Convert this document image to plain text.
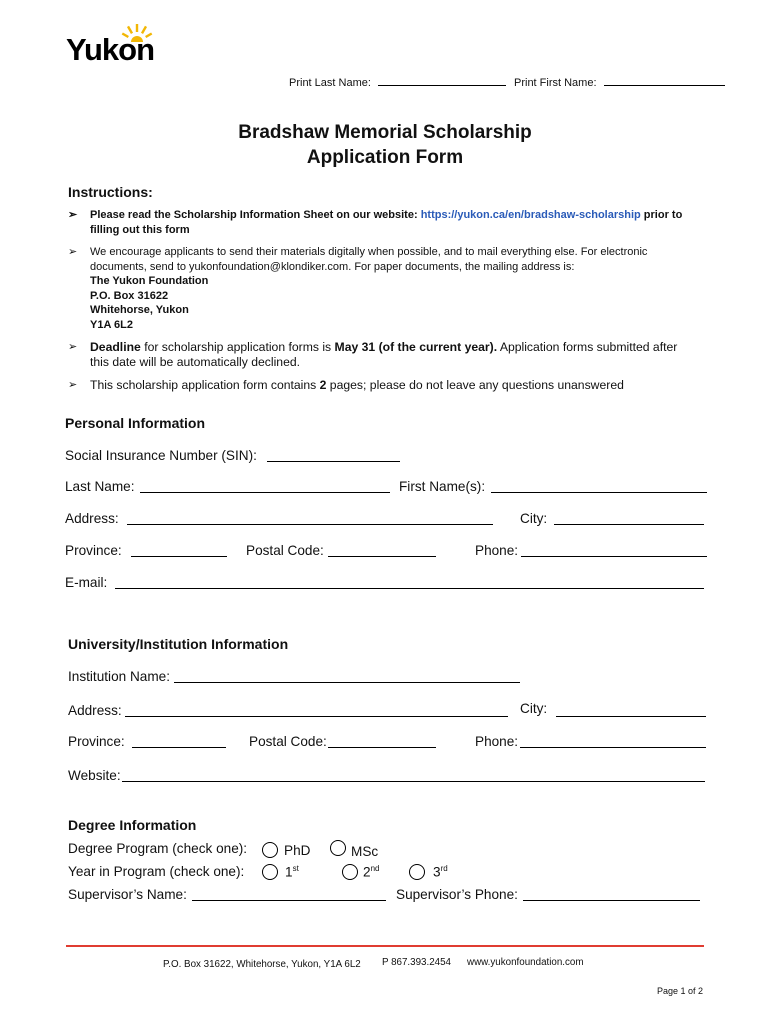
Yukon
Print Last Name:	Print First Name:
Bradshaw Memorial Scholarship
Application Form
Instructions:
➢ Please read the Scholarship Information Sheet on our website: https://yukon.ca/en/bradshaw-scholarship prior to filling out this form
➢ We encourage applicants to send their materials digitally when possible, and to mail everything else. For electronic documents, send to yukonfoundation@klondiker.com. For paper documents, the mailing address is:
The Yukon Foundation
P.O. Box 31622
Whitehorse, Yukon
Y1A 6L2
➢ Deadline for scholarship application forms is May 31 (of the current year). Application forms submitted after this date will be automatically declined.
➢ This scholarship application form contains 2 pages; please do not leave any questions unanswered
Personal Information
Social Insurance Number (SIN):
Last Name:	First Name(s):
Address:	City:
Province:	Postal Code:	Phone:
E-mail:
University/Institution Information
Institution Name:
Address:	City:
Province:	Postal Code:	Phone:
Website:
Degree Information
Degree Program (check one):	PhD	MSc
Year in Program (check one):	1st	2nd	3rd
Supervisor’s Name:	Supervisor’s Phone:
P.O. Box 31622, Whitehorse, Yukon, Y1A 6L2 P 867.393.2454 www.yukonfoundation.com
Page 1 of 2
